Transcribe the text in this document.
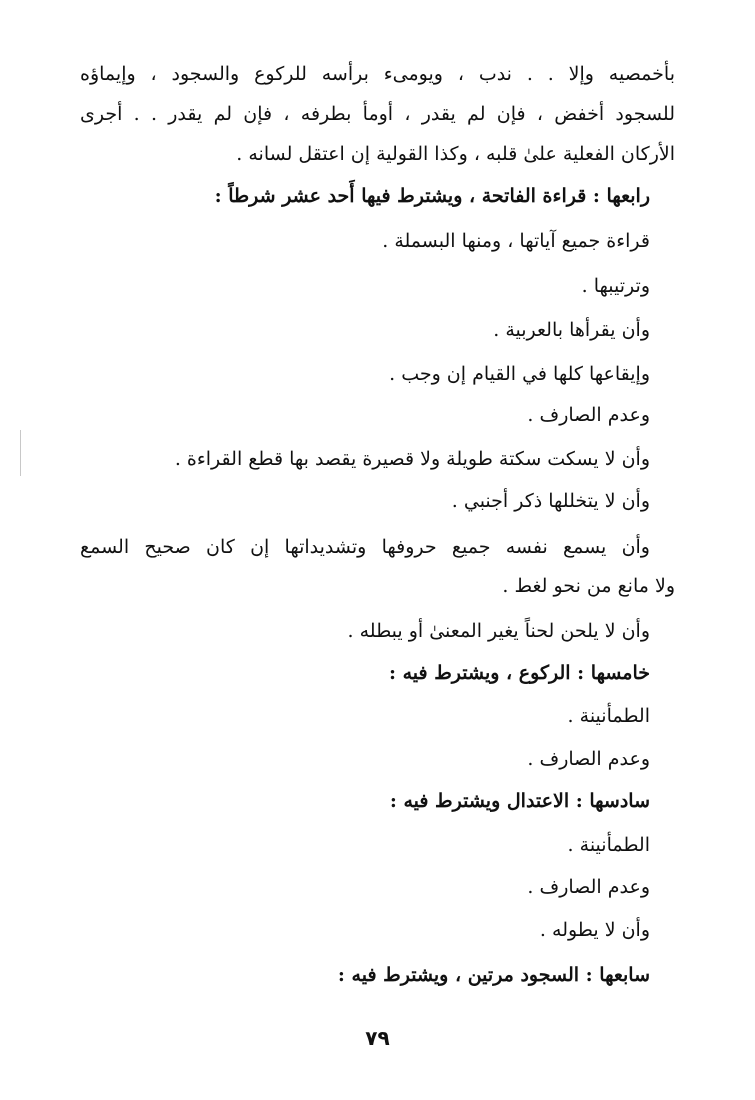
بأخمصيه وإلا . . ندب ، ويومىء برأسه للركوع والسجود ، وإيماؤه
للسجود أخفض ، فإن لم يقدر ، أومأ بطرفه ، فإن لم يقدر . . أجرى
الأركان الفعلية علىٰ قلبه ، وكذا القولية إن اعتقل لسانه .
رابعها : قراءة الفاتحة ، ويشترط فيها أَحد عشر شرطاً :
قراءة جميع آياتها ، ومنها البسملة .
وترتيبها .
وأن يقرأها بالعربية .
وإيقاعها كلها في القيام إن وجب .
وعدم الصارف .
وأن لا يسكت سكتة طويلة ولا قصيرة يقصد بها قطع القراءة .
وأن لا يتخللها ذكر أجنبي .
وأن يسمع نفسه جميع حروفها وتشديداتها إن كان صحيح السمع
ولا مانع من نحو لغط .
وأن لا يلحن لحناً يغير المعنىٰ أو يبطله .
خامسها : الركوع ، ويشترط فيه :
الطمأنينة .
وعدم الصارف .
سادسها : الاعتدال ويشترط فيه :
الطمأنينة .
وعدم الصارف .
وأن لا يطوله .
سابعها : السجود مرتين ، ويشترط فيه :
٧٩
